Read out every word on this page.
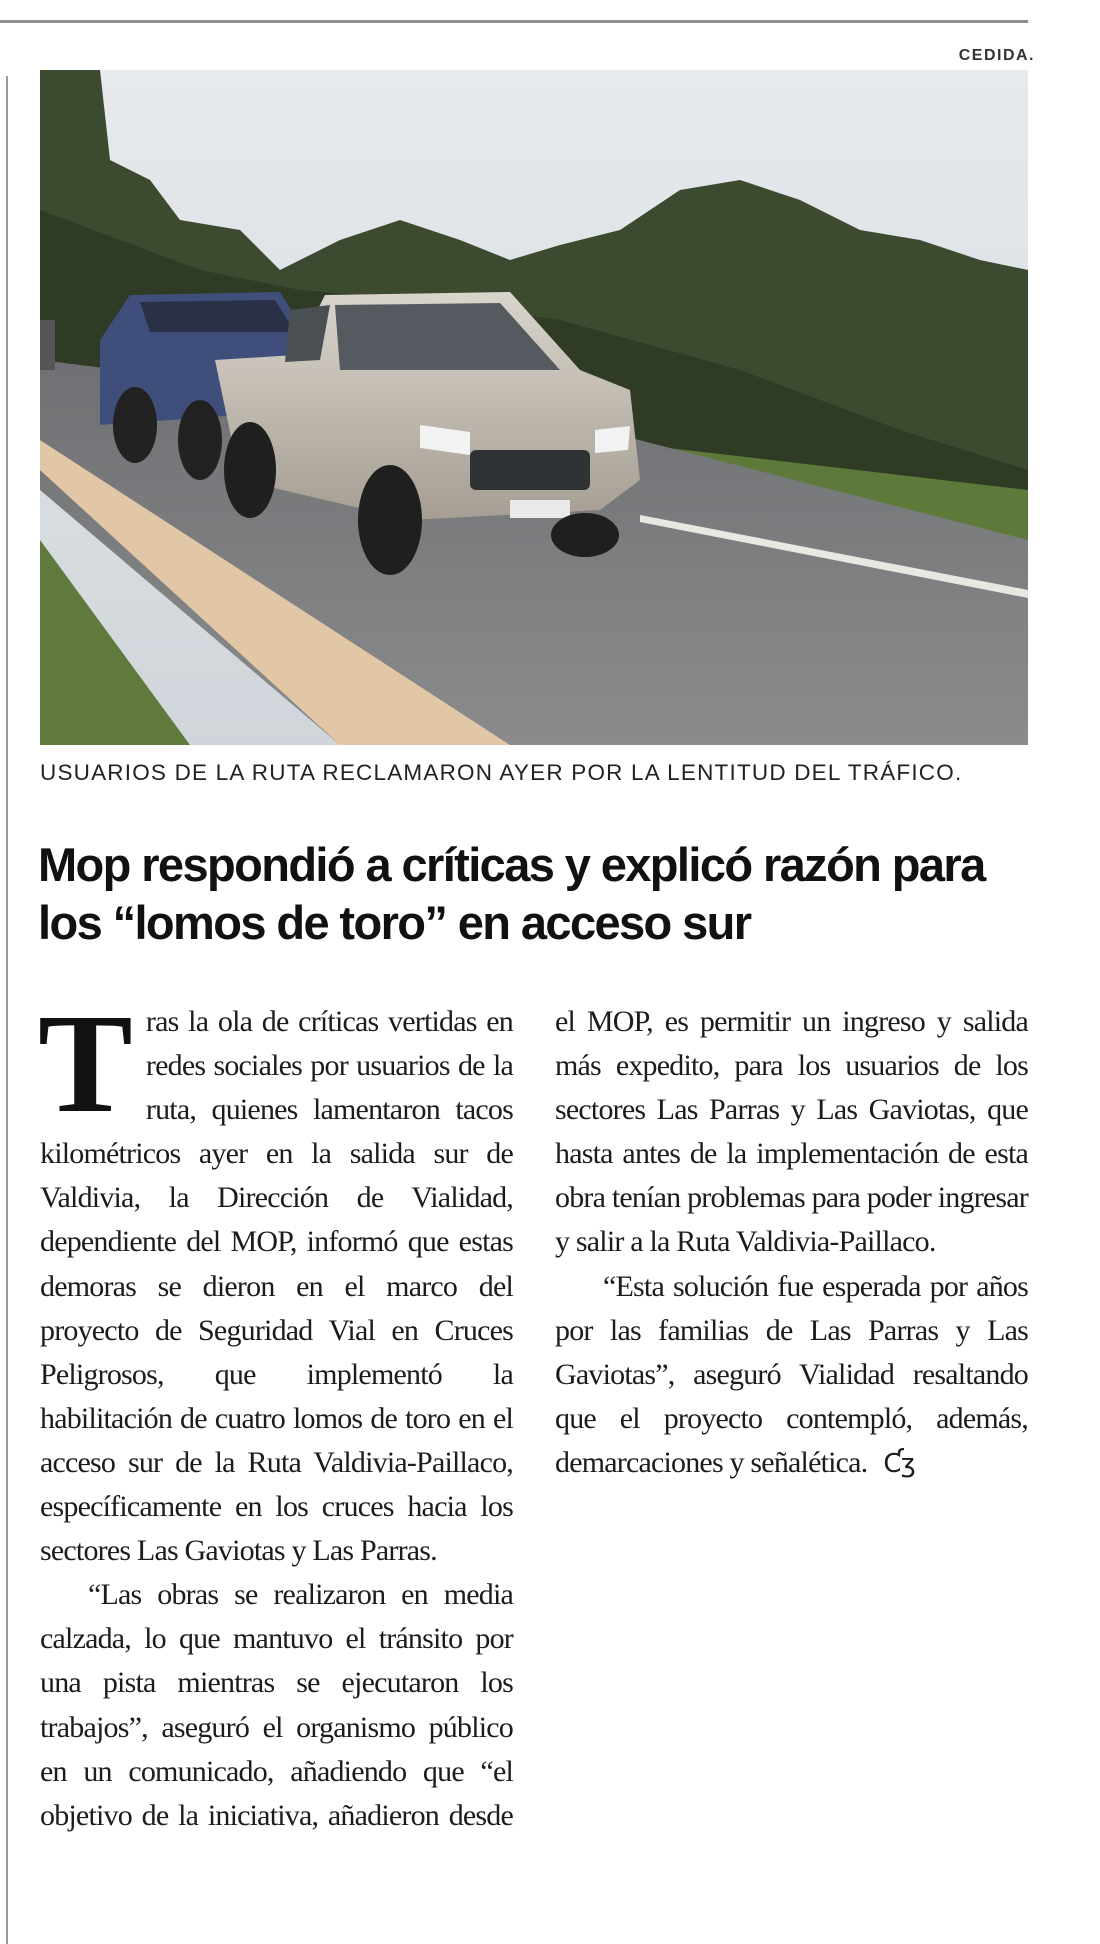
CEDIDA.
USUARIOS DE LA RUTA RECLAMARON AYER POR LA LENTITUD DEL TRÁFICO.
Mop respondió a críticas y explicó razón para los “lomos de toro” en acceso sur

Tras la ola de críticas vertidas en redes sociales por usuarios de la ruta, quienes lamentaron tacos kilométricos ayer en la salida sur de Valdivia, la Dirección de Vialidad, dependiente del MOP, informó que estas demoras se dieron en el marco del proyecto de Seguridad Vial en Cruces Peligrosos, que implementó la habilitación de cuatro lomos de toro en el acceso sur de la Ruta Valdivia-Paillaco, específicamente en los cruces hacia los sectores Las Gaviotas y Las Parras.

“Las obras se realizaron en media calzada, lo que mantuvo el tránsito por una pista mientras se ejecutaron los trabajos”, aseguró el organismo público en un comunicado, añadiendo que “el objetivo de la iniciativa, añadieron desde el MOP, es permitir un ingreso y salida más expedito, para los usuarios de los sectores Las Parras y Las Gaviotas, que hasta antes de la implementación de esta obra tenían problemas para poder ingresar y salir a la Ruta Valdivia-Paillaco.

“Esta solución fue esperada por años por las familias de Las Parras y Las Gaviotas”, aseguró Vialidad resaltando que el proyecto contempló, además, demarcaciones y señalética. Ƈʒ
